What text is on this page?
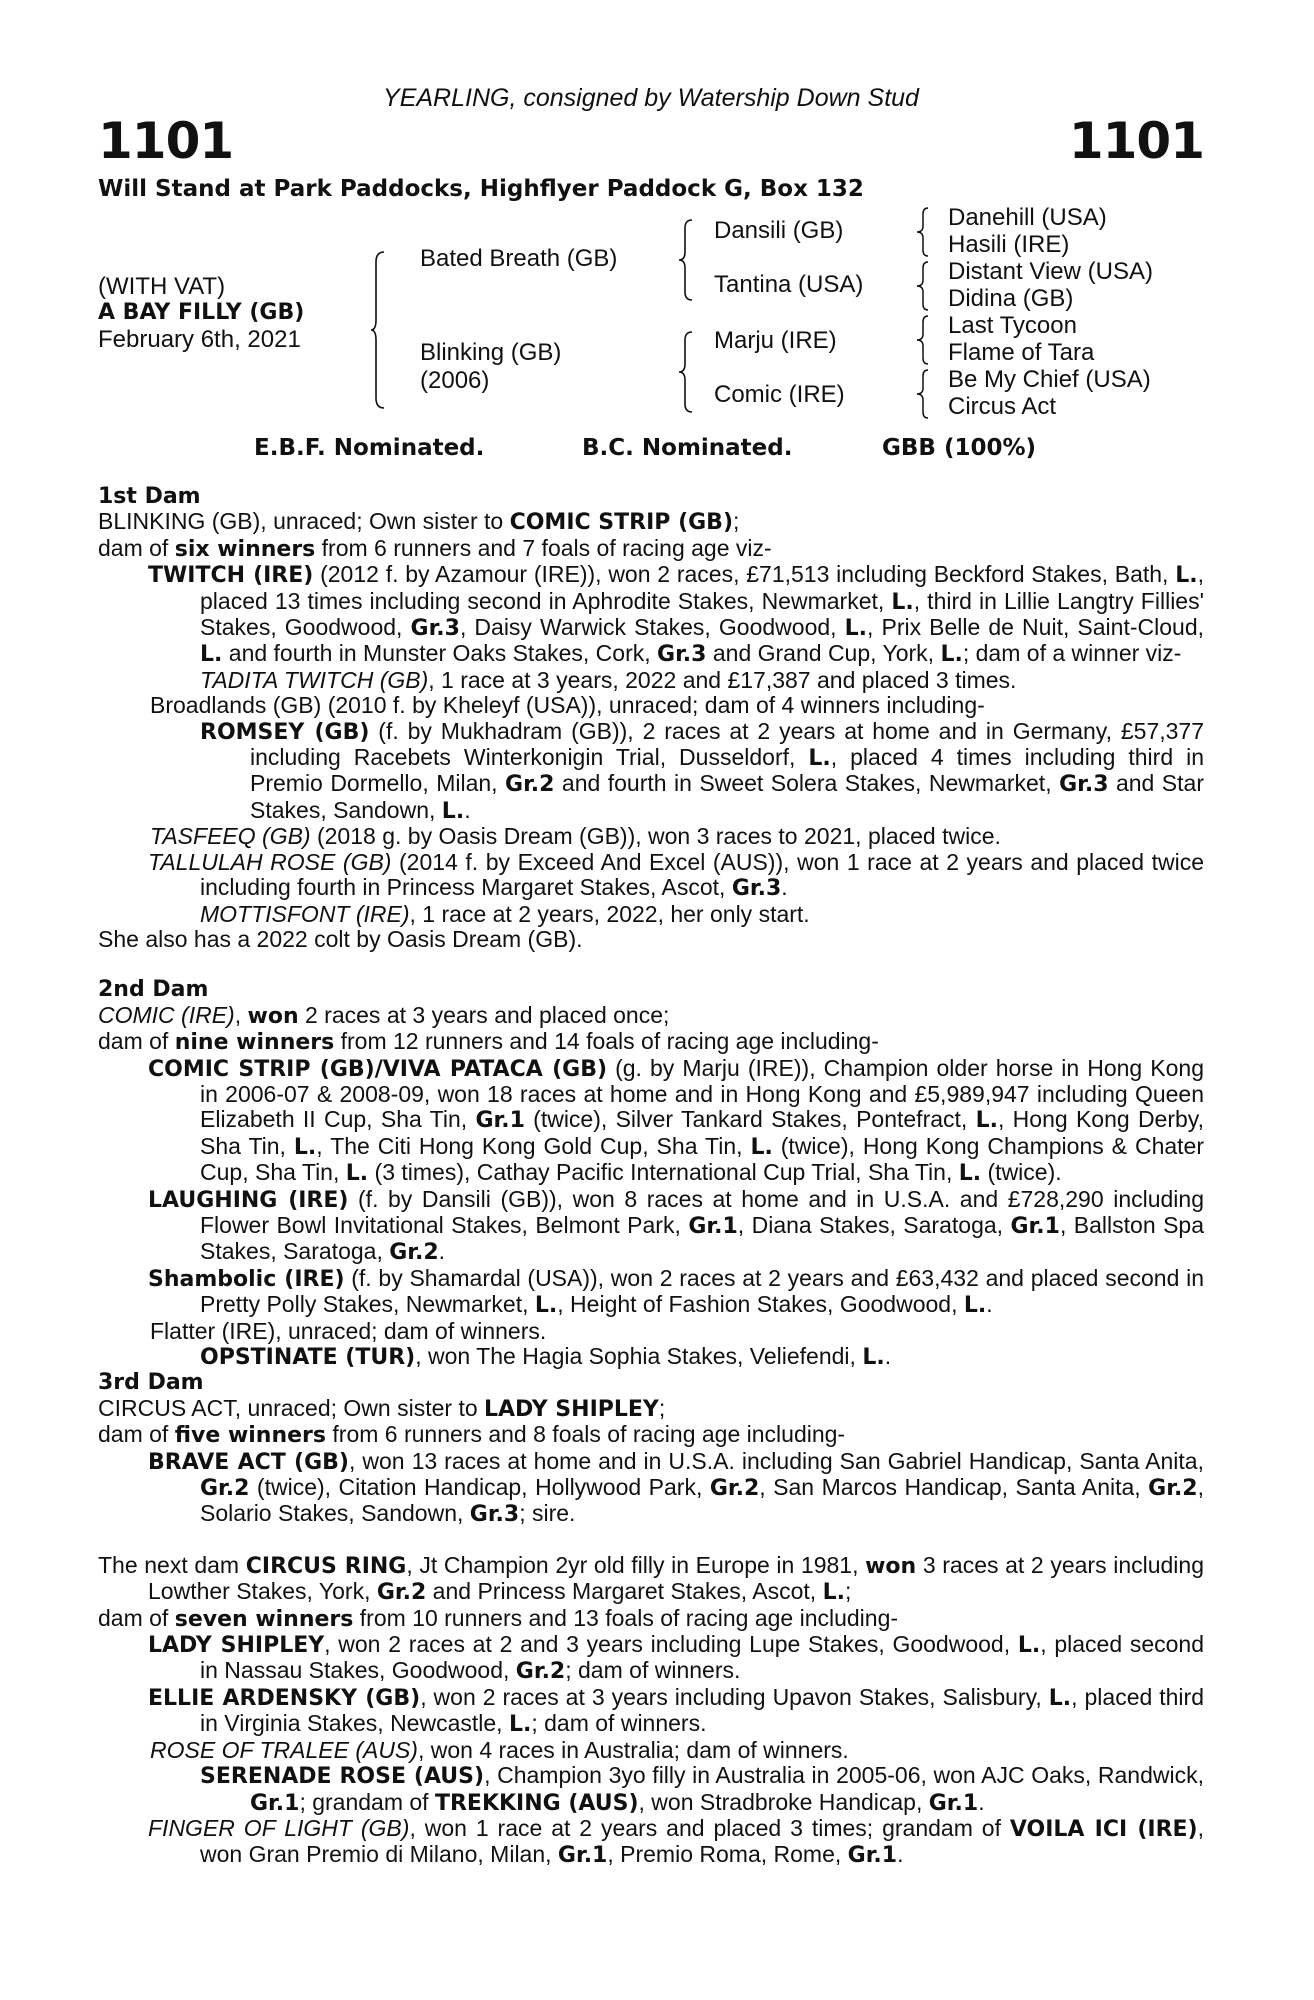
YEARLING, consigned by Watership Down Stud
1101	1101
Will Stand at Park Paddocks, Highflyer Paddock G, Box 132
(WITH VAT)
A BAY FILLY (GB)
February 6th, 2021
Bated Breath (GB)
Blinking (GB)
(2006)
Dansili (GB)
Tantina (USA)
Marju (IRE)
Comic (IRE)
Danehill (USA)
Hasili (IRE)
Distant View (USA)
Didina (GB)
Last Tycoon
Flame of Tara
Be My Chief (USA)
Circus Act
E.B.F. Nominated.	B.C. Nominated.	GBB (100%)

1st Dam

BLINKING (GB), unraced; Own sister to COMIC STRIP (GB);

dam of six winners from 6 runners and 7 foals of racing age viz-

TWITCH (IRE) (2012 f. by Azamour (IRE)), won 2 races, £71,513 including Beckford Stakes, Bath, L., placed 13 times including second in Aphrodite Stakes, Newmarket, L., third in Lillie Langtry Fillies' Stakes, Goodwood, Gr.3, Daisy Warwick Stakes, Goodwood, L., Prix Belle de Nuit, Saint-Cloud, L. and fourth in Munster Oaks Stakes, Cork, Gr.3 and Grand Cup, York, L.; dam of a winner viz-

TADITA TWITCH (GB), 1 race at 3 years, 2022 and £17,387 and placed 3 times.

Broadlands (GB) (2010 f. by Kheleyf (USA)), unraced; dam of 4 winners including-

ROMSEY (GB) (f. by Mukhadram (GB)), 2 races at 2 years at home and in Germany, £57,377 including Racebets Winterkonigin Trial, Dusseldorf, L., placed 4 times including third in Premio Dormello, Milan, Gr.2 and fourth in Sweet Solera Stakes, Newmarket, Gr.3 and Star Stakes, Sandown, L..

TASFEEQ (GB) (2018 g. by Oasis Dream (GB)), won 3 races to 2021, placed twice.

TALLULAH ROSE (GB) (2014 f. by Exceed And Excel (AUS)), won 1 race at 2 years and placed twice including fourth in Princess Margaret Stakes, Ascot, Gr.3.

MOTTISFONT (IRE), 1 race at 2 years, 2022, her only start.

She also has a 2022 colt by Oasis Dream (GB).

2nd Dam

COMIC (IRE), won 2 races at 3 years and placed once;

dam of nine winners from 12 runners and 14 foals of racing age including-

COMIC STRIP (GB)/VIVA PATACA (GB) (g. by Marju (IRE)), Champion older horse in Hong Kong in 2006-07 & 2008-09, won 18 races at home and in Hong Kong and £5,989,947 including Queen Elizabeth II Cup, Sha Tin, Gr.1 (twice), Silver Tankard Stakes, Pontefract, L., Hong Kong Derby, Sha Tin, L., The Citi Hong Kong Gold Cup, Sha Tin, L. (twice), Hong Kong Champions & Chater Cup, Sha Tin, L. (3 times), Cathay Pacific International Cup Trial, Sha Tin, L. (twice).

LAUGHING (IRE) (f. by Dansili (GB)), won 8 races at home and in U.S.A. and £728,290 including Flower Bowl Invitational Stakes, Belmont Park, Gr.1, Diana Stakes, Saratoga, Gr.1, Ballston Spa Stakes, Saratoga, Gr.2.

Shambolic (IRE) (f. by Shamardal (USA)), won 2 races at 2 years and £63,432 and placed second in Pretty Polly Stakes, Newmarket, L., Height of Fashion Stakes, Goodwood, L..

Flatter (IRE), unraced; dam of winners.

OPSTINATE (TUR), won The Hagia Sophia Stakes, Veliefendi, L..

3rd Dam

CIRCUS ACT, unraced; Own sister to LADY SHIPLEY;

dam of five winners from 6 runners and 8 foals of racing age including-

BRAVE ACT (GB), won 13 races at home and in U.S.A. including San Gabriel Handicap, Santa Anita, Gr.2 (twice), Citation Handicap, Hollywood Park, Gr.2, San Marcos Handicap, Santa Anita, Gr.2, Solario Stakes, Sandown, Gr.3; sire.

The next dam CIRCUS RING, Jt Champion 2yr old filly in Europe in 1981, won 3 races at 2 years including Lowther Stakes, York, Gr.2 and Princess Margaret Stakes, Ascot, L.;

dam of seven winners from 10 runners and 13 foals of racing age including-

LADY SHIPLEY, won 2 races at 2 and 3 years including Lupe Stakes, Goodwood, L., placed second in Nassau Stakes, Goodwood, Gr.2; dam of winners.

ELLIE ARDENSKY (GB), won 2 races at 3 years including Upavon Stakes, Salisbury, L., placed third in Virginia Stakes, Newcastle, L.; dam of winners.

ROSE OF TRALEE (AUS), won 4 races in Australia; dam of winners.

SERENADE ROSE (AUS), Champion 3yo filly in Australia in 2005-06, won AJC Oaks, Randwick, Gr.1; grandam of TREKKING (AUS), won Stradbroke Handicap, Gr.1.

FINGER OF LIGHT (GB), won 1 race at 2 years and placed 3 times; grandam of VOILA ICI (IRE), won Gran Premio di Milano, Milan, Gr.1, Premio Roma, Rome, Gr.1.
